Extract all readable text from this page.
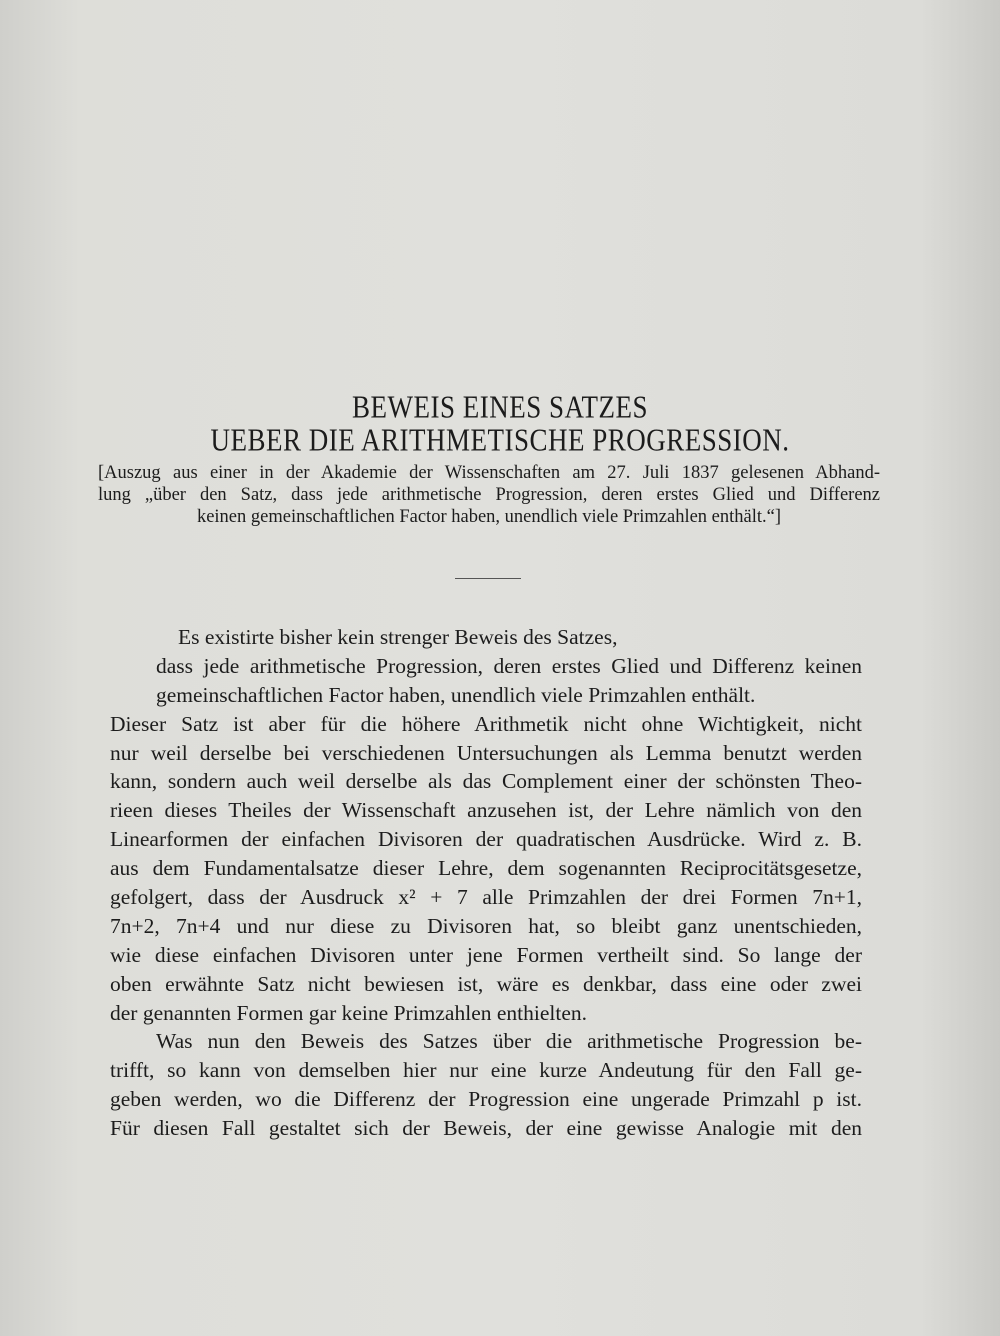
BEWEIS EINES SATZES
UEBER DIE ARITHMETISCHE PROGRESSION.
[Auszug aus einer in der Akademie der Wissenschaften am 27. Juli 1837 gelesenen Abhand-
lung „über den Satz, dass jede arithmetische Progression, deren erstes Glied und Differenz
keinen gemeinschaftlichen Factor haben, unendlich viele Primzahlen enthält.“]
Es existirte bisher kein strenger Beweis des Satzes,
dass jede arithmetische Progression, deren erstes Glied und Differenz keinen
gemeinschaftlichen Factor haben, unendlich viele Primzahlen enthält.
Dieser Satz ist aber für die höhere Arithmetik nicht ohne Wichtigkeit, nicht
nur weil derselbe bei verschiedenen Untersuchungen als Lemma benutzt werden
kann, sondern auch weil derselbe als das Complement einer der schönsten Theo-
rieen dieses Theiles der Wissenschaft anzusehen ist, der Lehre nämlich von den
Linearformen der einfachen Divisoren der quadratischen Ausdrücke. Wird z. B.
aus dem Fundamentalsatze dieser Lehre, dem sogenannten Reciprocitätsgesetze,
gefolgert, dass der Ausdruck x² + 7 alle Primzahlen der drei Formen 7n+1,
7n+2, 7n+4 und nur diese zu Divisoren hat, so bleibt ganz unentschieden,
wie diese einfachen Divisoren unter jene Formen vertheilt sind. So lange der
oben erwähnte Satz nicht bewiesen ist, wäre es denkbar, dass eine oder zwei
der genannten Formen gar keine Primzahlen enthielten.
Was nun den Beweis des Satzes über die arithmetische Progression be-
trifft, so kann von demselben hier nur eine kurze Andeutung für den Fall ge-
geben werden, wo die Differenz der Progression eine ungerade Primzahl p ist.
Für diesen Fall gestaltet sich der Beweis, der eine gewisse Analogie mit den
